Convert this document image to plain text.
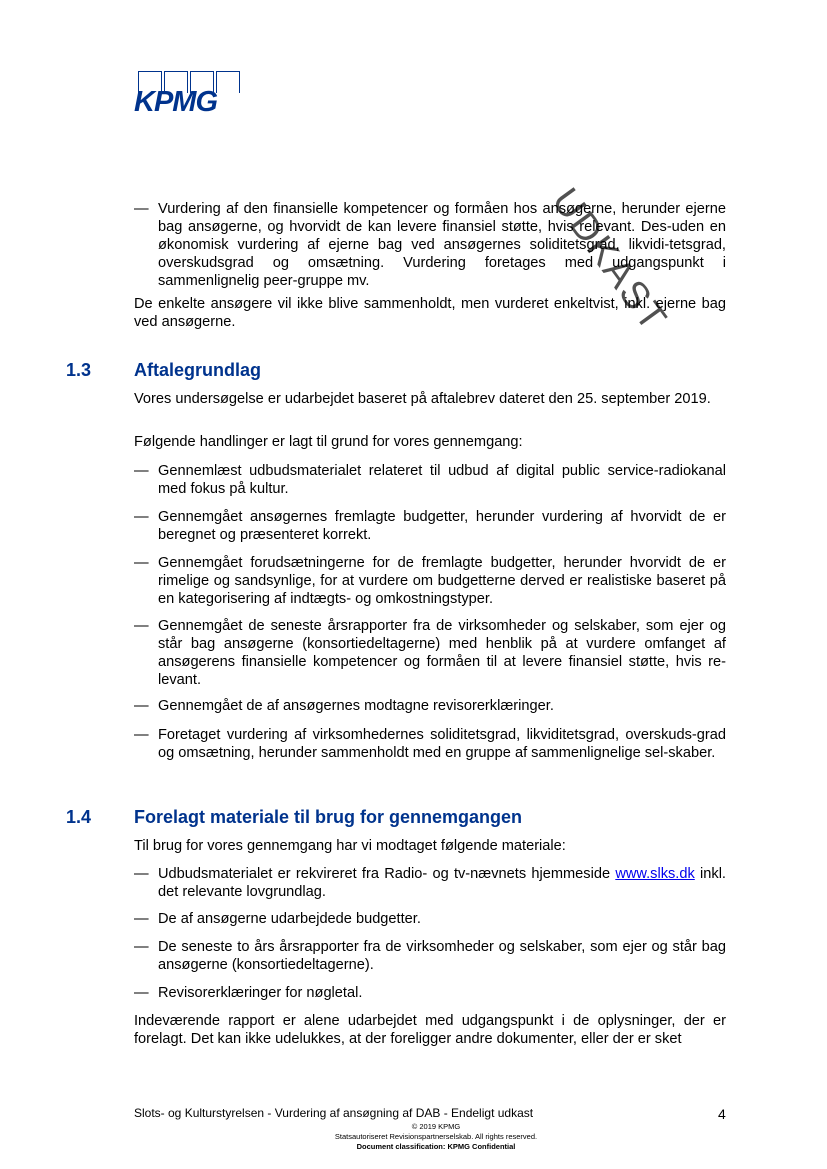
KPMG
UDKAST
— Vurdering af den finansielle kompetencer og formåen hos ansøgerne, herunder ejerne bag ansøgerne, og hvorvidt de kan levere finansiel støtte, hvis relevant. Des-uden en økonomisk vurdering af ejerne bag ved ansøgernes soliditetsgrad, likvidi-tetsgrad, overskudsgrad og omsætning. Vurdering foretages med udgangspunkt i sammenlignelig peer-gruppe mv.
De enkelte ansøgere vil ikke blive sammenholdt, men vurderet enkeltvist, inkl. ejerne bag ved ansøgerne.
1.3 Aftalegrundlag
Vores undersøgelse er udarbejdet baseret på aftalebrev dateret den 25. september 2019.
Følgende handlinger er lagt til grund for vores gennemgang:
— Gennemlæst udbudsmaterialet relateret til udbud af digital public service-radiokanal med fokus på kultur.
— Gennemgået ansøgernes fremlagte budgetter, herunder vurdering af hvorvidt de er beregnet og præsenteret korrekt.
— Gennemgået forudsætningerne for de fremlagte budgetter, herunder hvorvidt de er rimelige og sandsynlige, for at vurdere om budgetterne derved er realistiske baseret på en kategorisering af indtægts- og omkostningstyper.
— Gennemgået de seneste årsrapporter fra de virksomheder og selskaber, som ejer og står bag ansøgerne (konsortiedeltagerne) med henblik på at vurdere omfanget af ansøgerens finansielle kompetencer og formåen til at levere finansiel støtte, hvis re-levant.
— Gennemgået de af ansøgernes modtagne revisorerklæringer.
— Foretaget vurdering af virksomhedernes soliditetsgrad, likviditetsgrad, overskuds-grad og omsætning, herunder sammenholdt med en gruppe af sammenlignelige sel-skaber.
1.4 Forelagt materiale til brug for gennemgangen
Til brug for vores gennemgang har vi modtaget følgende materiale:
— Udbudsmaterialet er rekvireret fra Radio- og tv-nævnets hjemmeside www.slks.dk inkl. det relevante lovgrundlag.
— De af ansøgerne udarbejdede budgetter.
— De seneste to års årsrapporter fra de virksomheder og selskaber, som ejer og står bag ansøgerne (konsortiedeltagerne).
— Revisorerklæringer for nøgletal.
Indeværende rapport er alene udarbejdet med udgangspunkt i de oplysninger, der er forelagt. Det kan ikke udelukkes, at der foreligger andre dokumenter, eller der er sket
Slots- og Kulturstyrelsen - Vurdering af ansøgning af DAB - Endeligt udkast	4
© 2019 KPMG
Statsautoriseret Revisionspartnerselskab. All rights reserved.
Document classification: KPMG Confidential
